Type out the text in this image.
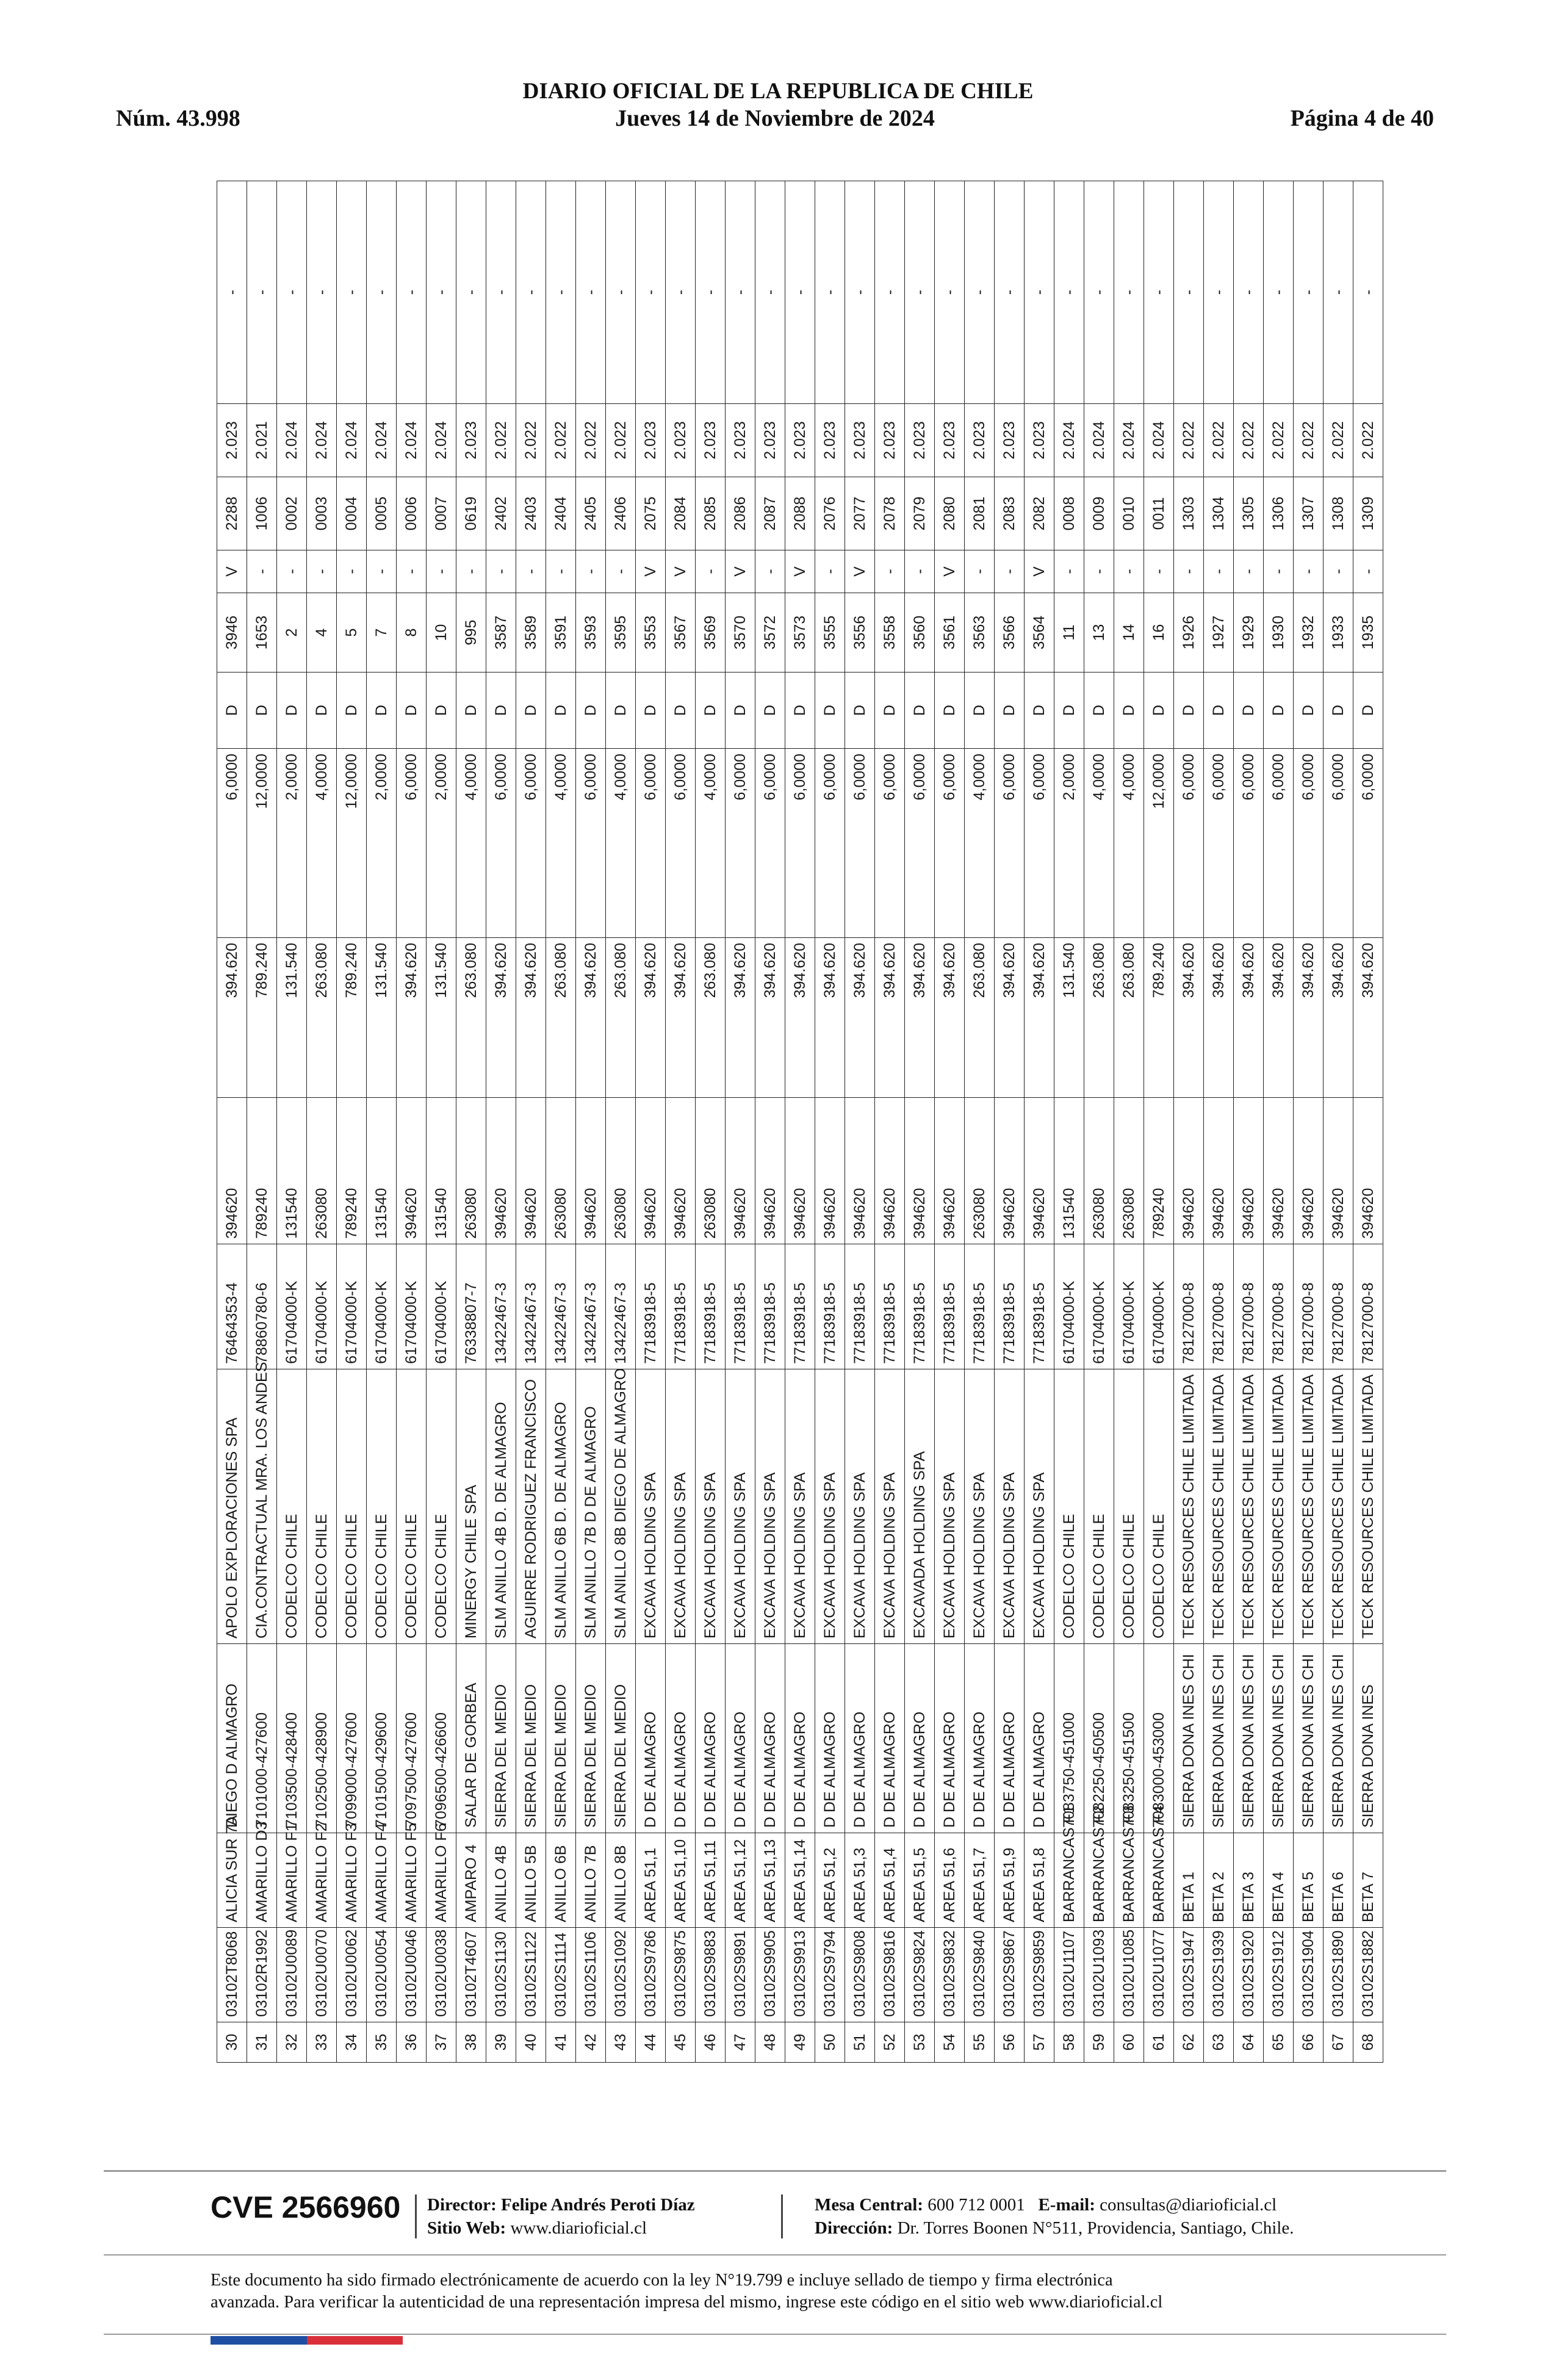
DIARIO OFICIAL DE LA REPUBLICA DE CHILE
Jueves 14 de Noviembre de 2024
Núm. 43.998	Página 4 de 40
30	03102T8068	ALICIA SUR 7A	DIEGO D ALMAGRO	APOLO EXPLORACIONES SPA	76464353-4	394620	394.620	6,0000	D	3946	V	2288	2.023	-
31	03102R1992	AMARILLO D3	7101000-427600	CIA.CONTRACTUAL MRA. LOS ANDES	78860780-6	789240	789.240	12,0000	D	1653	-	1006	2.021	-
32	03102U0089	AMARILLO F1	7103500-428400	CODELCO CHILE	61704000-K	131540	131.540	2,0000	D	2	-	0002	2.024	-
33	03102U0070	AMARILLO F2	7102500-428900	CODELCO CHILE	61704000-K	263080	263.080	4,0000	D	4	-	0003	2.024	-
34	03102U0062	AMARILLO F3	7099000-427600	CODELCO CHILE	61704000-K	789240	789.240	12,0000	D	5	-	0004	2.024	-
35	03102U0054	AMARILLO F4	7101500-429600	CODELCO CHILE	61704000-K	131540	131.540	2,0000	D	7	-	0005	2.024	-
36	03102U0046	AMARILLO F5	7097500-427600	CODELCO CHILE	61704000-K	394620	394.620	6,0000	D	8	-	0006	2.024	-
37	03102U0038	AMARILLO F6	7096500-426600	CODELCO CHILE	61704000-K	131540	131.540	2,0000	D	10	-	0007	2.024	-
38	03102T4607	AMPARO 4	SALAR DE GORBEA	MINERGY CHILE SPA	76338807-7	263080	263.080	4,0000	D	995	-	0619	2.023	-
39	03102S1130	ANILLO 4B	SIERRA DEL MEDIO	SLM ANILLO 4B D. DE ALMAGRO	13422467-3	394620	394.620	6,0000	D	3587	-	2402	2.022	-
40	03102S1122	ANILLO 5B	SIERRA DEL MEDIO	AGUIRRE RODRIGUEZ FRANCISCO	13422467-3	394620	394.620	6,0000	D	3589	-	2403	2.022	-
41	03102S1114	ANILLO 6B	SIERRA DEL MEDIO	SLM ANILLO 6B D. DE ALMAGRO	13422467-3	263080	263.080	4,0000	D	3591	-	2404	2.022	-
42	03102S1106	ANILLO 7B	SIERRA DEL MEDIO	SLM ANILLO 7B D DE ALMAGRO	13422467-3	394620	394.620	6,0000	D	3593	-	2405	2.022	-
43	03102S1092	ANILLO 8B	SIERRA DEL MEDIO	SLM ANILLO 8B DIEGO DE ALMAGRO	13422467-3	263080	263.080	4,0000	D	3595	-	2406	2.022	-
44	03102S9786	AREA 51,1	D DE ALMAGRO	EXCAVA HOLDING SPA	77183918-5	394620	394.620	6,0000	D	3553	V	2075	2.023	-
45	03102S9875	AREA 51,10	D DE ALMAGRO	EXCAVA HOLDING SPA	77183918-5	394620	394.620	6,0000	D	3567	V	2084	2.023	-
46	03102S9883	AREA 51,11	D DE ALMAGRO	EXCAVA HOLDING SPA	77183918-5	263080	263.080	4,0000	D	3569	-	2085	2.023	-
47	03102S9891	AREA 51,12	D DE ALMAGRO	EXCAVA HOLDING SPA	77183918-5	394620	394.620	6,0000	D	3570	V	2086	2.023	-
48	03102S9905	AREA 51,13	D DE ALMAGRO	EXCAVA HOLDING SPA	77183918-5	394620	394.620	6,0000	D	3572	-	2087	2.023	-
49	03102S9913	AREA 51,14	D DE ALMAGRO	EXCAVA HOLDING SPA	77183918-5	394620	394.620	6,0000	D	3573	V	2088	2.023	-
50	03102S9794	AREA 51,2	D DE ALMAGRO	EXCAVA HOLDING SPA	77183918-5	394620	394.620	6,0000	D	3555	-	2076	2.023	-
51	03102S9808	AREA 51,3	D DE ALMAGRO	EXCAVA HOLDING SPA	77183918-5	394620	394.620	6,0000	D	3556	V	2077	2.023	-
52	03102S9816	AREA 51,4	D DE ALMAGRO	EXCAVA HOLDING SPA	77183918-5	394620	394.620	6,0000	D	3558	-	2078	2.023	-
53	03102S9824	AREA 51,5	D DE ALMAGRO	EXCAVADA HOLDING SPA	77183918-5	394620	394.620	6,0000	D	3560	-	2079	2.023	-
54	03102S9832	AREA 51,6	D DE ALMAGRO	EXCAVA HOLDING SPA	77183918-5	394620	394.620	6,0000	D	3561	V	2080	2.023	-
55	03102S9840	AREA 51,7	D DE ALMAGRO	EXCAVA HOLDING SPA	77183918-5	263080	263.080	4,0000	D	3563	-	2081	2.023	-
56	03102S9867	AREA 51,9	D DE ALMAGRO	EXCAVA HOLDING SPA	77183918-5	394620	394.620	6,0000	D	3566	-	2083	2.023	-
57	03102S9859	AREA 51,8	D DE ALMAGRO	EXCAVA HOLDING SPA	77183918-5	394620	394.620	6,0000	D	3564	V	2082	2.023	-
58	03102U1107	BARRANCAS F1	7083750-451000	CODELCO CHILE	61704000-K	131540	131.540	2,0000	D	11	-	0008	2.024	-
59	03102U1093	BARRANCAS F2	7082250-450500	CODELCO CHILE	61704000-K	263080	263.080	4,0000	D	13	-	0009	2.024	-
60	03102U1085	BARRANCAS F3	7083250-451500	CODELCO CHILE	61704000-K	263080	263.080	4,0000	D	14	-	0010	2.024	-
61	03102U1077	BARRANCAS F4	7083000-453000	CODELCO CHILE	61704000-K	789240	789.240	12,0000	D	16	-	0011	2.024	-
62	03102S1947	BETA 1	SIERRA DONA INES CHI	TECK RESOURCES CHILE LIMITADA	78127000-8	394620	394.620	6,0000	D	1926	-	1303	2.022	-
63	03102S1939	BETA 2	SIERRA DONA INES CHI	TECK RESOURCES CHILE LIMITADA	78127000-8	394620	394.620	6,0000	D	1927	-	1304	2.022	-
64	03102S1920	BETA 3	SIERRA DONA INES CHI	TECK RESOURCES CHILE LIMITADA	78127000-8	394620	394.620	6,0000	D	1929	-	1305	2.022	-
65	03102S1912	BETA 4	SIERRA DONA INES CHI	TECK RESOURCES CHILE LIMITADA	78127000-8	394620	394.620	6,0000	D	1930	-	1306	2.022	-
66	03102S1904	BETA 5	SIERRA DONA INES CHI	TECK RESOURCES CHILE LIMITADA	78127000-8	394620	394.620	6,0000	D	1932	-	1307	2.022	-
67	03102S1890	BETA 6	SIERRA DONA INES CHI	TECK RESOURCES CHILE LIMITADA	78127000-8	394620	394.620	6,0000	D	1933	-	1308	2.022	-
68	03102S1882	BETA 7	SIERRA DONA INES	TECK RESOURCES CHILE LIMITADA	78127000-8	394620	394.620	6,0000	D	1935	-	1309	2.022	-
CVE 2566960 Director: Felipe Andrés Peroti Díaz
Sitio Web: www.diarioficial.cl
Mesa Central: 600 712 0001 E-mail: consultas@diarioficial.cl
Dirección: Dr. Torres Boonen N°511, Providencia, Santiago, Chile.
Este documento ha sido firmado electrónicamente de acuerdo con la ley N°19.799 e incluye sellado de tiempo y firma electrónica
avanzada. Para verificar la autenticidad de una representación impresa del mismo, ingrese este código en el sitio web www.diarioficial.cl
